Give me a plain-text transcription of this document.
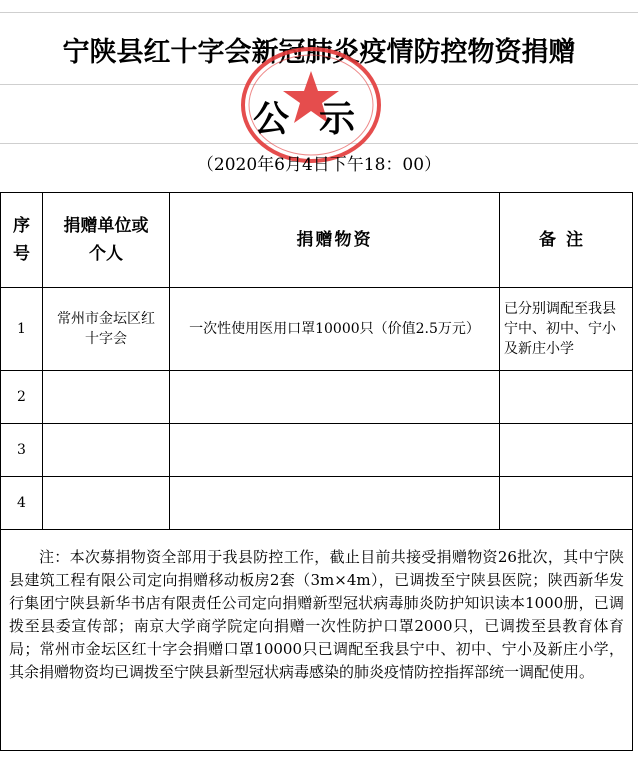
宁陕县红十字会新冠肺炎疫情防控物资捐赠
公示
（2020年6月4日下午18：00）
序号	捐赠单位或个人	捐赠物资	备注
1	常州市金坛区红十字会	一次性使用医用口罩10000只（价值2.5万元）	已分别调配至我县宁中、初中、宁小及新庄小学
2			
3			
4			
注：本次募捐物资全部用于我县防控工作，截止目前共接受捐赠物资26批次，其中宁陕县建筑工程有限公司定向捐赠移动板房2套（3m×4m），已调拨至宁陕县医院；陕西新华发行集团宁陕县新华书店有限责任公司定向捐赠新型冠状病毒肺炎防护知识读本1000册，已调拨至县委宣传部；南京大学商学院定向捐赠一次性防护口罩2000只，已调拨至县教育体育局；常州市金坛区红十字会捐赠口罩10000只已调配至我县宁中、初中、宁小及新庄小学，其余捐赠物资均已调拨至宁陕县新型冠状病毒感染的肺炎疫情防控指挥部统一调配使用。			
